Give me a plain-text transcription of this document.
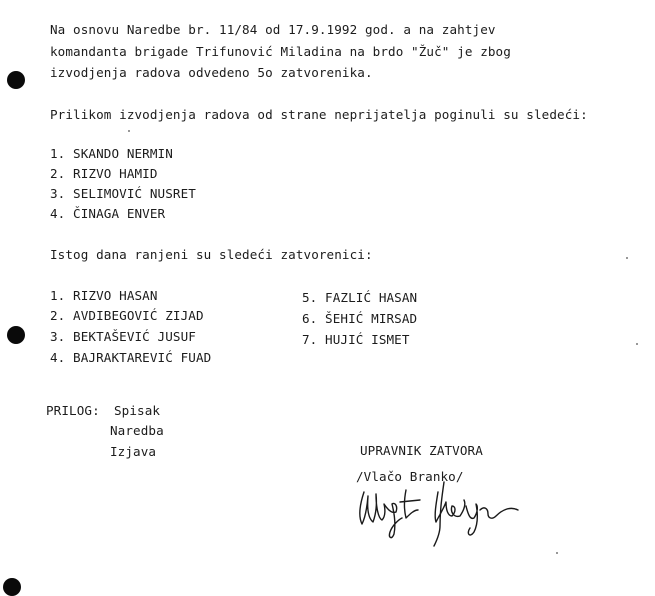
Na osnovu Naredbe br. 11/84 od 17.9.1992 god. a na zahtjev
komandanta brigade Trifunović Miladina na brdo "Žuč" je zbog
izvodjenja radova odvedeno 5o zatvorenika.
Prilikom izvodjenja radova od strane neprijatelja poginuli su sledeći:
1. SKANDO NERMIN
2. RIZVO HAMID
3. SELIMOVIĆ NUSRET
4. ČINAGA ENVER
Istog dana ranjeni su sledeći zatvorenici:
1. RIZVO HASAN
2. AVDIBEGOVIĆ ZIJAD
3. BEKTAŠEVIĆ JUSUF
4. BAJRAKTAREVIĆ FUAD
5. FAZLIĆ HASAN
6. ŠEHIĆ MIRSAD
7. HUJIĆ ISMET
PRILOG: Spisak
Naredba
Izjava	UPRAVNIK ZATVORA
/Vlačo Branko/
